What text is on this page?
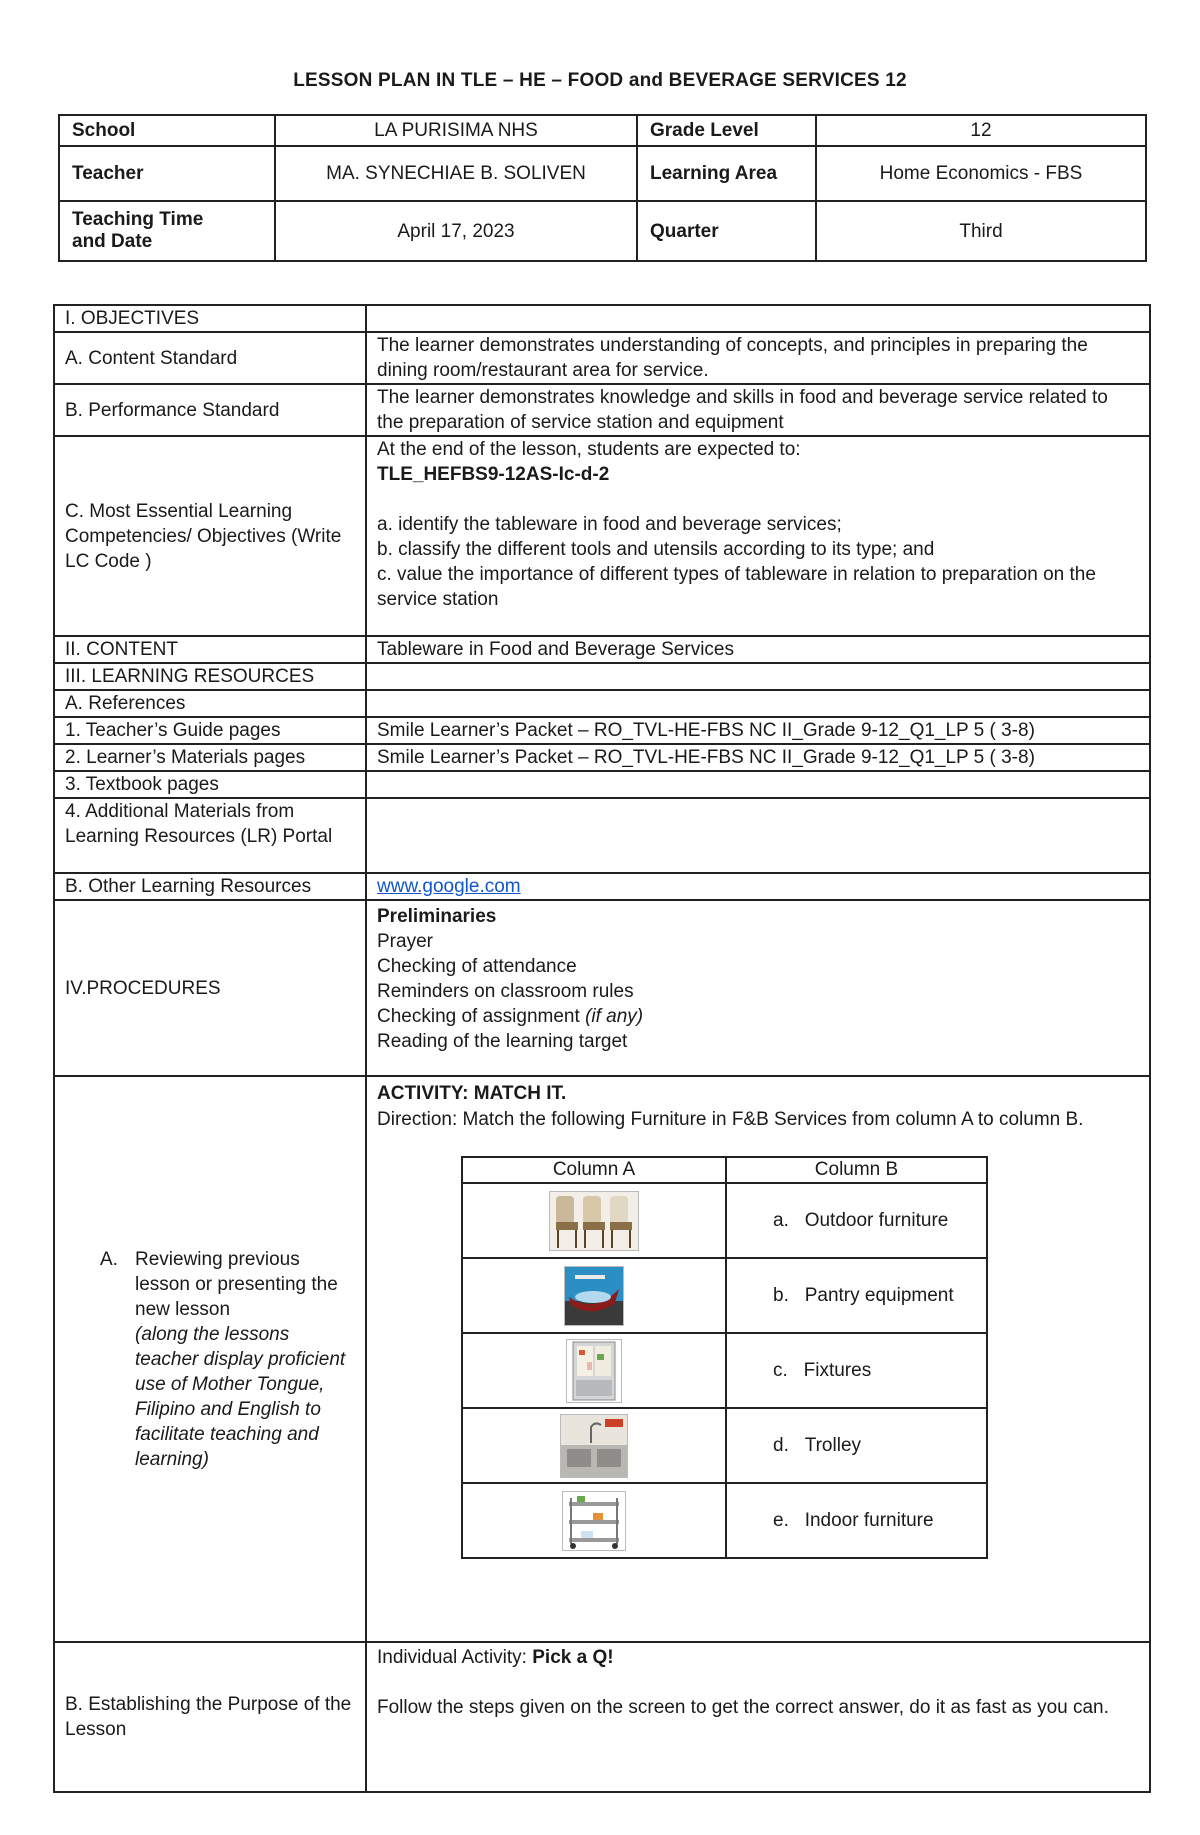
LESSON PLAN IN TLE – HE – FOOD and BEVERAGE SERVICES 12
School	LA PURISIMA NHS	Grade Level	12
Teacher	MA. SYNECHIAE B. SOLIVEN	Learning Area	Home Economics - FBS

Teaching Time
and Date	April 17, 2023	Quarter	Third
I. OBJECTIVES	
A. Content Standard	The learner demonstrates understanding of concepts, and principles in preparing the dining room/restaurant area for service.
B. Performance Standard	The learner demonstrates knowledge and skills in food and beverage service related to the preparation of service station and equipment
C. Most Essential Learning Competencies/ Objectives (Write LC Code )	
At the end of the lesson, students are expected to:
TLE_HEFBS9-12AS-Ic-d-2
a. identify the tableware in food and beverage services;
b. classify the different tools and utensils according to its type; and
c. value the importance of different types of tableware in relation to preparation on the service station

II. CONTENT	Tableware in Food and Beverage Services
III. LEARNING RESOURCES	
A. References	
1. Teacher’s Guide pages	Smile Learner’s Packet – RO_TVL-HE-FBS NC II_Grade 9-12_Q1_LP 5 ( 3-8)
2. Learner’s Materials pages	Smile Learner’s Packet – RO_TVL-HE-FBS NC II_Grade 9-12_Q1_LP 5 ( 3-8)
3. Textbook pages	
4. Additional Materials from Learning Resources (LR) Portal	
B. Other Learning Resources	www.google.com
IV.PROCEDURES	
Preliminaries
Prayer
Checking of attendance
Reminders on classroom rules
Checking of assignment (if any)
Reading of the learning target

A. Reviewing previous lesson or presenting the new lesson
(along the lessons teacher display proficient use of Mother Tongue, Filipino and English to facilitate teaching and learning)

ACTIVITY: MATCH IT.
Direction: Match the following Furniture in F&B Services from column A to column B.
Column A	Column B
	a. Outdoor furniture
	b. Pantry equipment
	c. Fixtures
	d. Trolley
	e. Indoor furniture

B. Establishing the Purpose of the Lesson	
Individual Activity: Pick a Q!
Follow the steps given on the screen to get the correct answer, do it as fast as you can.
